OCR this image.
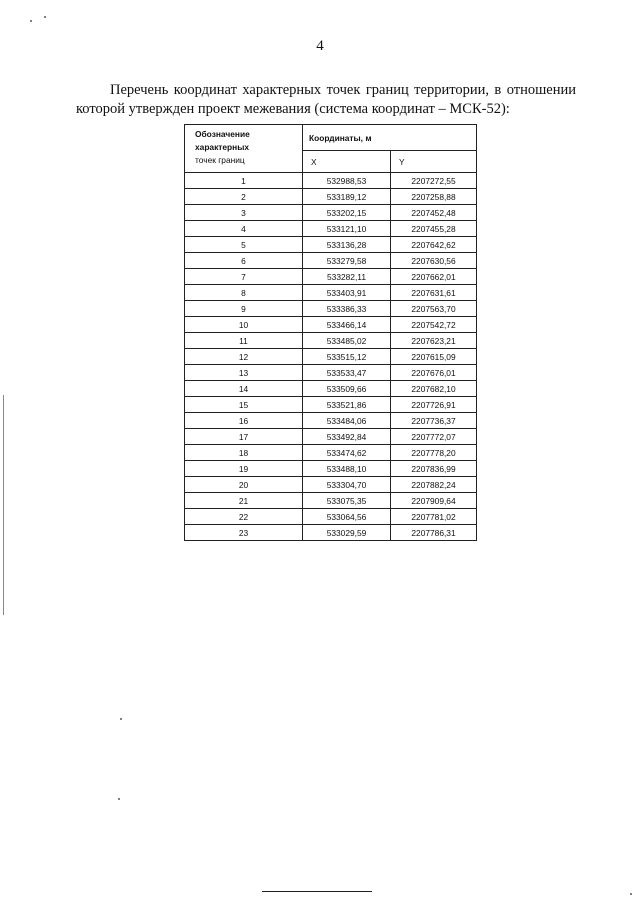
4

Перечень координат характерных точек границ территории, в отношении которой утвержден проект межевания (система координат – МСК-52):

Обозначение
характерных
точек границ	Координаты, м	
	X	Y
1	532988,53	2207272,55
2	533189,12	2207258,88
3	533202,15	2207452,48
4	533121,10	2207455,28
5	533136,28	2207642,62
6	533279,58	2207630,56
7	533282,11	2207662,01
8	533403,91	2207631,61
9	533386,33	2207563,70
10	533466,14	2207542,72
11	533485,02	2207623,21
12	533515,12	2207615,09
13	533533,47	2207676,01
14	533509,66	2207682,10
15	533521,86	2207726,91
16	533484,06	2207736,37
17	533492,84	2207772,07
18	533474,62	2207778,20
19	533488,10	2207836,99
20	533304,70	2207882,24
21	533075,35	2207909,64
22	533064,56	2207781,02
23	533029,59	2207786,31
